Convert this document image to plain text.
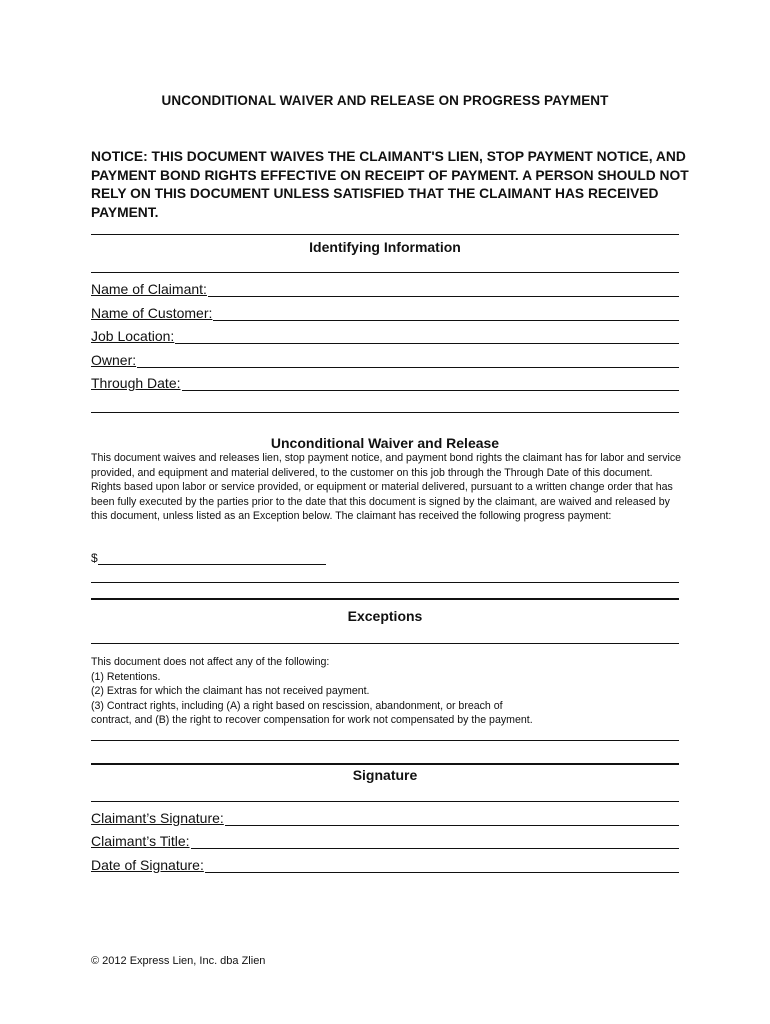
UNCONDITIONAL WAIVER AND RELEASE ON PROGRESS PAYMENT
NOTICE: THIS DOCUMENT WAIVES THE CLAIMANT'S LIEN, STOP PAYMENT NOTICE, AND PAYMENT BOND RIGHTS EFFECTIVE ON RECEIPT OF PAYMENT. A PERSON SHOULD NOT RELY ON THIS DOCUMENT UNLESS SATISFIED THAT THE CLAIMANT HAS RECEIVED PAYMENT.
Identifying Information
Name of Claimant:
Name of Customer:
Job Location:
Owner:
Through Date:
Unconditional Waiver and Release
This document waives and releases lien, stop payment notice, and payment bond rights the claimant has for labor and service provided, and equipment and material delivered, to the customer on this job through the Through Date of this document. Rights based upon labor or service provided, or equipment or material delivered, pursuant to a written change order that has been fully executed by the parties prior to the date that this document is signed by the claimant, are waived and released by this document, unless listed as an Exception below. The claimant has received the following progress payment:
$
Exceptions
This document does not affect any of the following:
(1) Retentions.
(2) Extras for which the claimant has not received payment.
(3) Contract rights, including (A) a right based on rescission, abandonment, or breach of
contract, and (B) the right to recover compensation for work not compensated by the payment.
Signature
Claimant’s Signature:
Claimant’s Title:
Date of Signature:
© 2012 Express Lien, Inc. dba Zlien
